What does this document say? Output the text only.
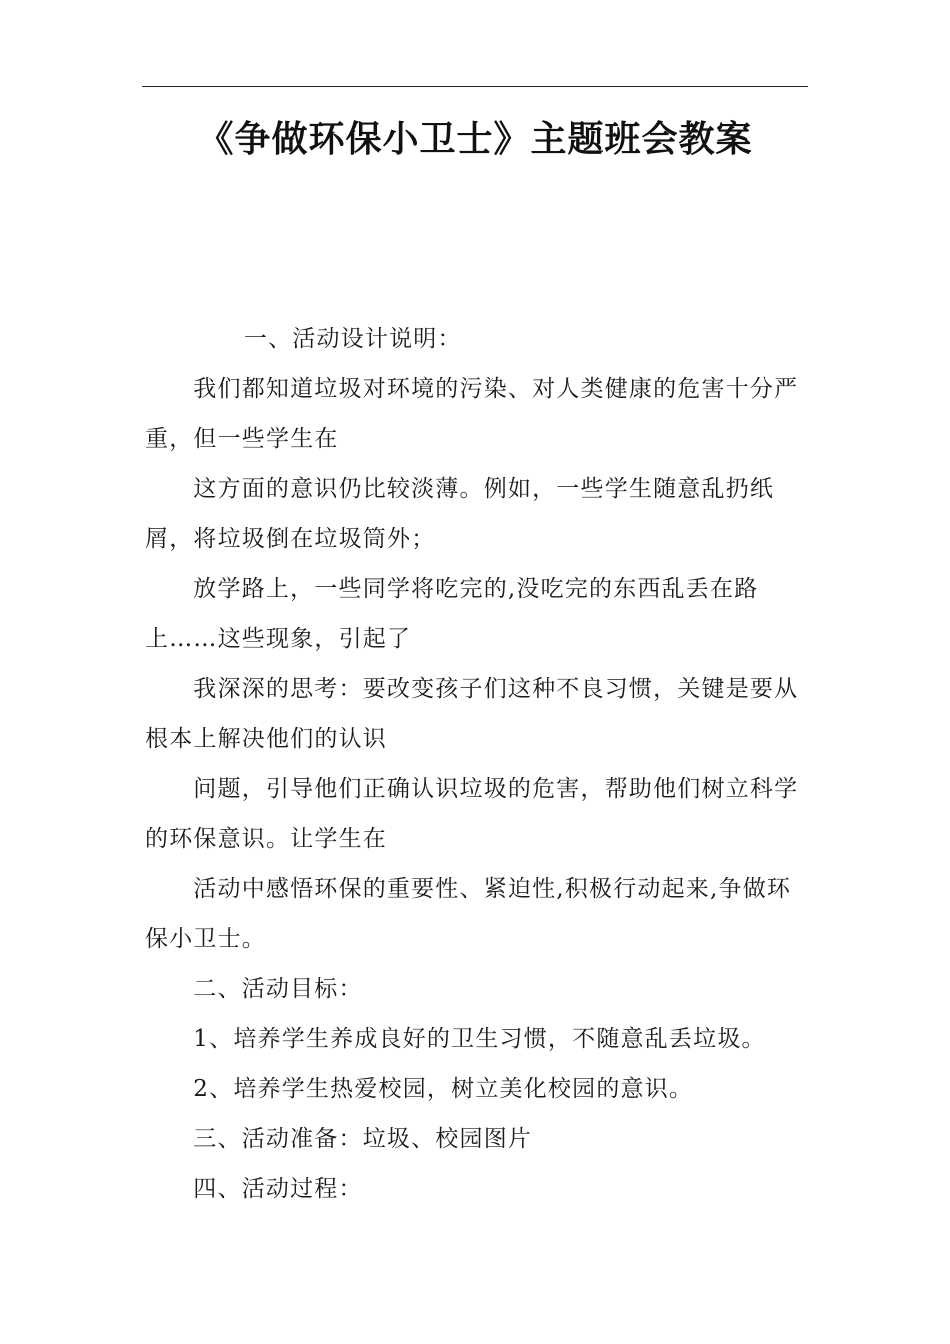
《争做环保小卫士》主题班会教案

一、活动设计说明：

我们都知道垃圾对环境的污染、对人类健康的危害十分严重，但一些学生在

这方面的意识仍比较淡薄。例如，一些学生随意乱扔纸屑，将垃圾倒在垃圾筒外；

放学路上，一些同学将吃完的,没吃完的东西乱丢在路上……这些现象，引起了

我深深的思考：要改变孩子们这种不良习惯，关键是要从根本上解决他们的认识

问题，引导他们正确认识垃圾的危害，帮助他们树立科学的环保意识。让学生在

活动中感悟环保的重要性、紧迫性,积极行动起来,争做环保小卫士。

二、活动目标：

1、培养学生养成良好的卫生习惯，不随意乱丢垃圾。

2、培养学生热爱校园，树立美化校园的意识。

三、活动准备：垃圾、校园图片

四、活动过程：
